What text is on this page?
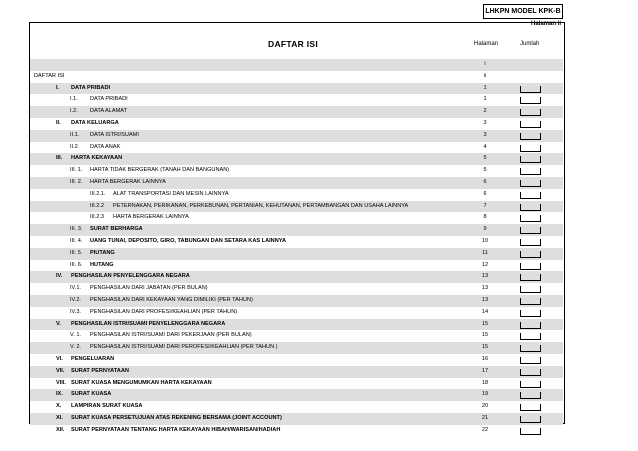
LHKPN MODEL KPK-B
Halaman ii
DAFTAR ISI	Halaman	Jumlah
i
DAFTAR ISI	ii
I. DATA PRIBADI	1
I.1. DATA PRIBADI	1
I.2. DATA ALAMAT	2
II. DATA KELUARGA	3
II.1. DATA ISTRI/SUAMI	3
II.2. DATA ANAK	4
III. HARTA KEKAYAAN	5
III. 1. HARTA TIDAK BERGERAK (TANAH DAN BANGUNAN)	5
III. 2. HARTA BERGERAK LAINNYA	6
III.2.1. ALAT TRANSPORTASI DAN MESIN LAINNYA	6
III.2.2 PETERNAKAN, PERIKANAN, PERKEBUNAN, PERTANIAN, KEHUTANAN, PERTAMBANGAN DAN USAHA LAINNYA	7
III.2.3 HARTA BERGERAK LAINNYA	8
III. 3. SURAT BERHARGA	9
III. 4. UANG TUNAI, DEPOSITO, GIRO, TABUNGAN DAN SETARA KAS LAINNYA	10
III. 5. PIUTANG	11
III. 6. HUTANG	12
IV. PENGHASILAN PENYELENGGARA NEGARA	13
IV.1. PENGHASILAN DARI JABATAN (PER BULAN)	13
IV.2. PENGHASILAN DARI KEKAYAAN YANG DIMILIKI (PER TAHUN)	13
IV.3. PENGHASILAN DARI PROFESI/KEAHLIAN (PER TAHUN)	14
V. PENGHASILAN ISTRI/SUAMI PENYELENGGARA NEGARA	15
V. 1. PENGHASILAN ISTRI/SUAMI DARI PEKERJAAN (PER BULAN)	15
V. 2. PENGHASILAN ISTRI/SUAMI DARI PEROFESI/KEAHLIAN (PER TAHUN )	15
VI. PENGELUARAN	16
VII. SURAT PERNYATAAN	17
VIII. SURAT KUASA MENGUMUMKAN HARTA KEKAYAAN	18
IX. SURAT KUASA	19
X. LAMPIRAN SURAT KUASA	20
XI. SURAT KUASA PERSETUJUAN ATAS REKENING BERSAMA (JOINT ACCOUNT)	21
XII. SURAT PERNYATAAN TENTANG HARTA KEKAYAAN HIBAH/WARISAN/HADIAH	22
